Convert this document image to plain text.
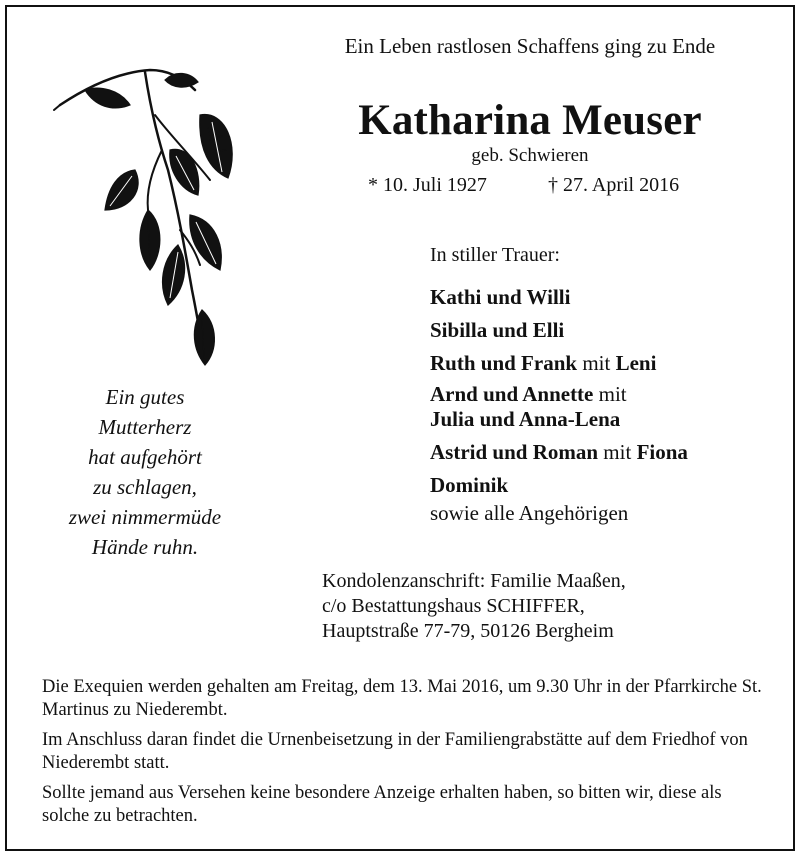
Ein Leben rastlosen Schaffens ging zu Ende
Katharina Meuser
geb. Schwieren
* 10. Juli 1927	† 27. April 2016
Ein gutes
Mutterherz
hat aufgehört
zu schlagen,
zwei nimmermüde
Hände ruhn.
In stiller Trauer:
Kathi und Willi
Sibilla und Elli
Ruth und Frank mit Leni
Arnd und Annette mit
Julia und Anna-Lena
Astrid und Roman mit Fiona
Dominik
sowie alle Angehörigen
Kondolenzanschrift: Familie Maaßen,
c/o Bestattungshaus SCHIFFER,
Hauptstraße 77-79, 50126 Bergheim

Die Exequien werden gehalten am Freitag, dem 13. Mai 2016, um 9.30 Uhr in der Pfarrkirche St. Martinus zu Niederembt.

Im Anschluss daran findet die Urnenbeisetzung in der Familiengrabstätte auf dem Friedhof von Niederembt statt.

Sollte jemand aus Versehen keine besondere Anzeige erhalten haben, so bitten wir, diese als solche zu betrachten.
